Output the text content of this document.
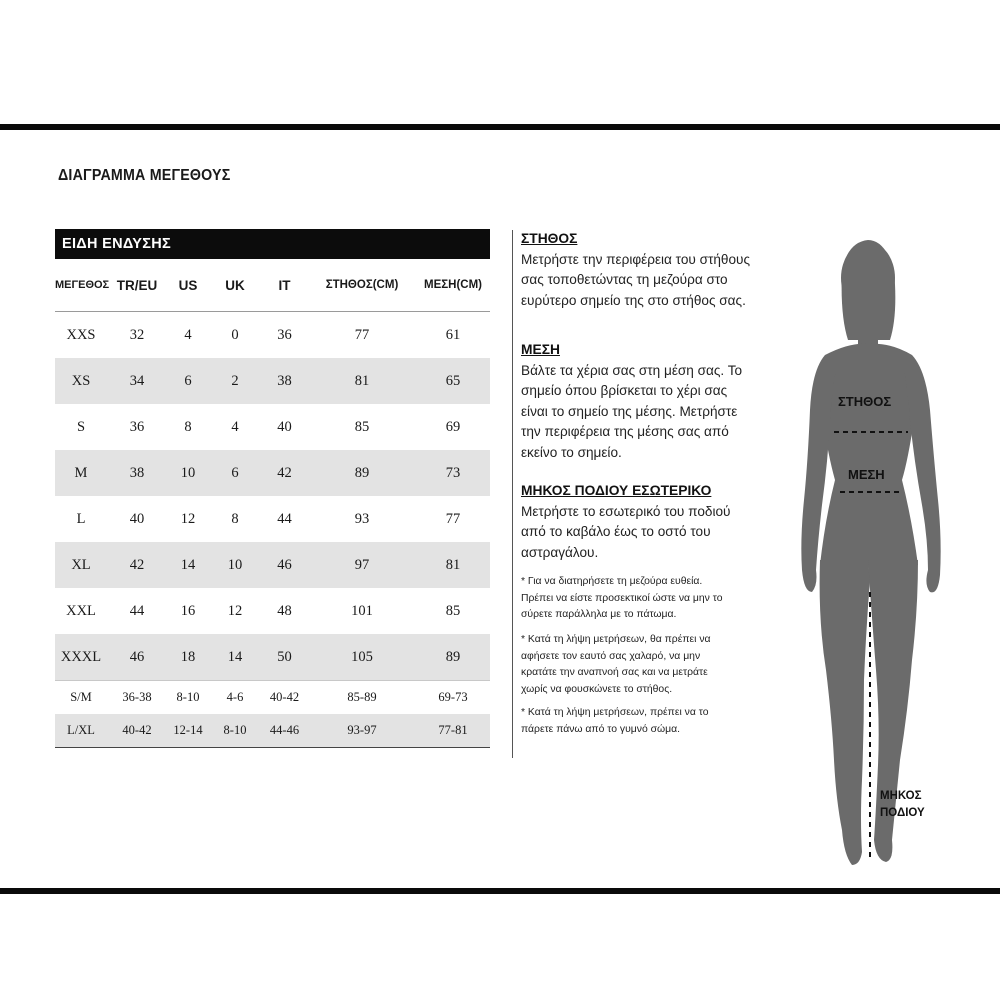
ΔΙΑΓΡΑΜΜΑ ΜΕΓΕΘΟΥΣ
ΕΙΔΗ ΕΝΔΥΣΗΣ
ΜΕΓΕΘΟΣ TR/EU	US	UK	IT	ΣΤΗΘΟΣ(CM)	ΜΕΣΗ(CM)
XXS	32	4	0	36	77	61
XS	34	6	2	38	81	65
S	36	8	4	40	85	69
M	38	10	6	42	89	73
L	40	12	8	44	93	77
XL	42	14	10	46	97	81
XXL	44	16	12	48	101	85
XXXL	46	18	14	50	105	89
S/M	36-38	8-10	4-6	40-42	85-89	69-73
L/XL	40-42	12-14	8-10	44-46	93-97	77-81
ΣΤΗΘΟΣ
Μετρήστε την περιφέρεια του στήθους
σας τοποθετώντας τη μεζούρα στο
ευρύτερο σημείο της στο στήθος σας.
ΜΕΣΗ
Βάλτε τα χέρια σας στη μέση σας. Το
σημείο όπου βρίσκεται το χέρι σας
είναι το σημείο της μέσης. Μετρήστε
την περιφέρεια της μέσης σας από
εκείνο το σημείο.
ΜΗΚΟΣ ΠΟΔΙΟΥ ΕΣΩΤΕΡΙΚΟ
Μετρήστε το εσωτερικό του ποδιού
από το καβάλο έως το οστό του
αστραγάλου.
* Για να διατηρήσετε τη μεζούρα ευθεία.
Πρέπει να είστε προσεκτικοί ώστε να μην το
σύρετε παράλληλα με το πάτωμα.
* Κατά τη λήψη μετρήσεων, θα πρέπει να
αφήσετε τον εαυτό σας χαλαρό, να μην
κρατάτε την αναπνοή σας και να μετράτε
χωρίς να φουσκώνετε το στήθος.
* Κατά τη λήψη μετρήσεων, πρέπει να το
πάρετε πάνω από το γυμνό σώμα.
ΣΤΗΘΟΣ
ΜΕΣΗ
ΜΗΚΟΣ
ΠΟΔΙΟΥ
